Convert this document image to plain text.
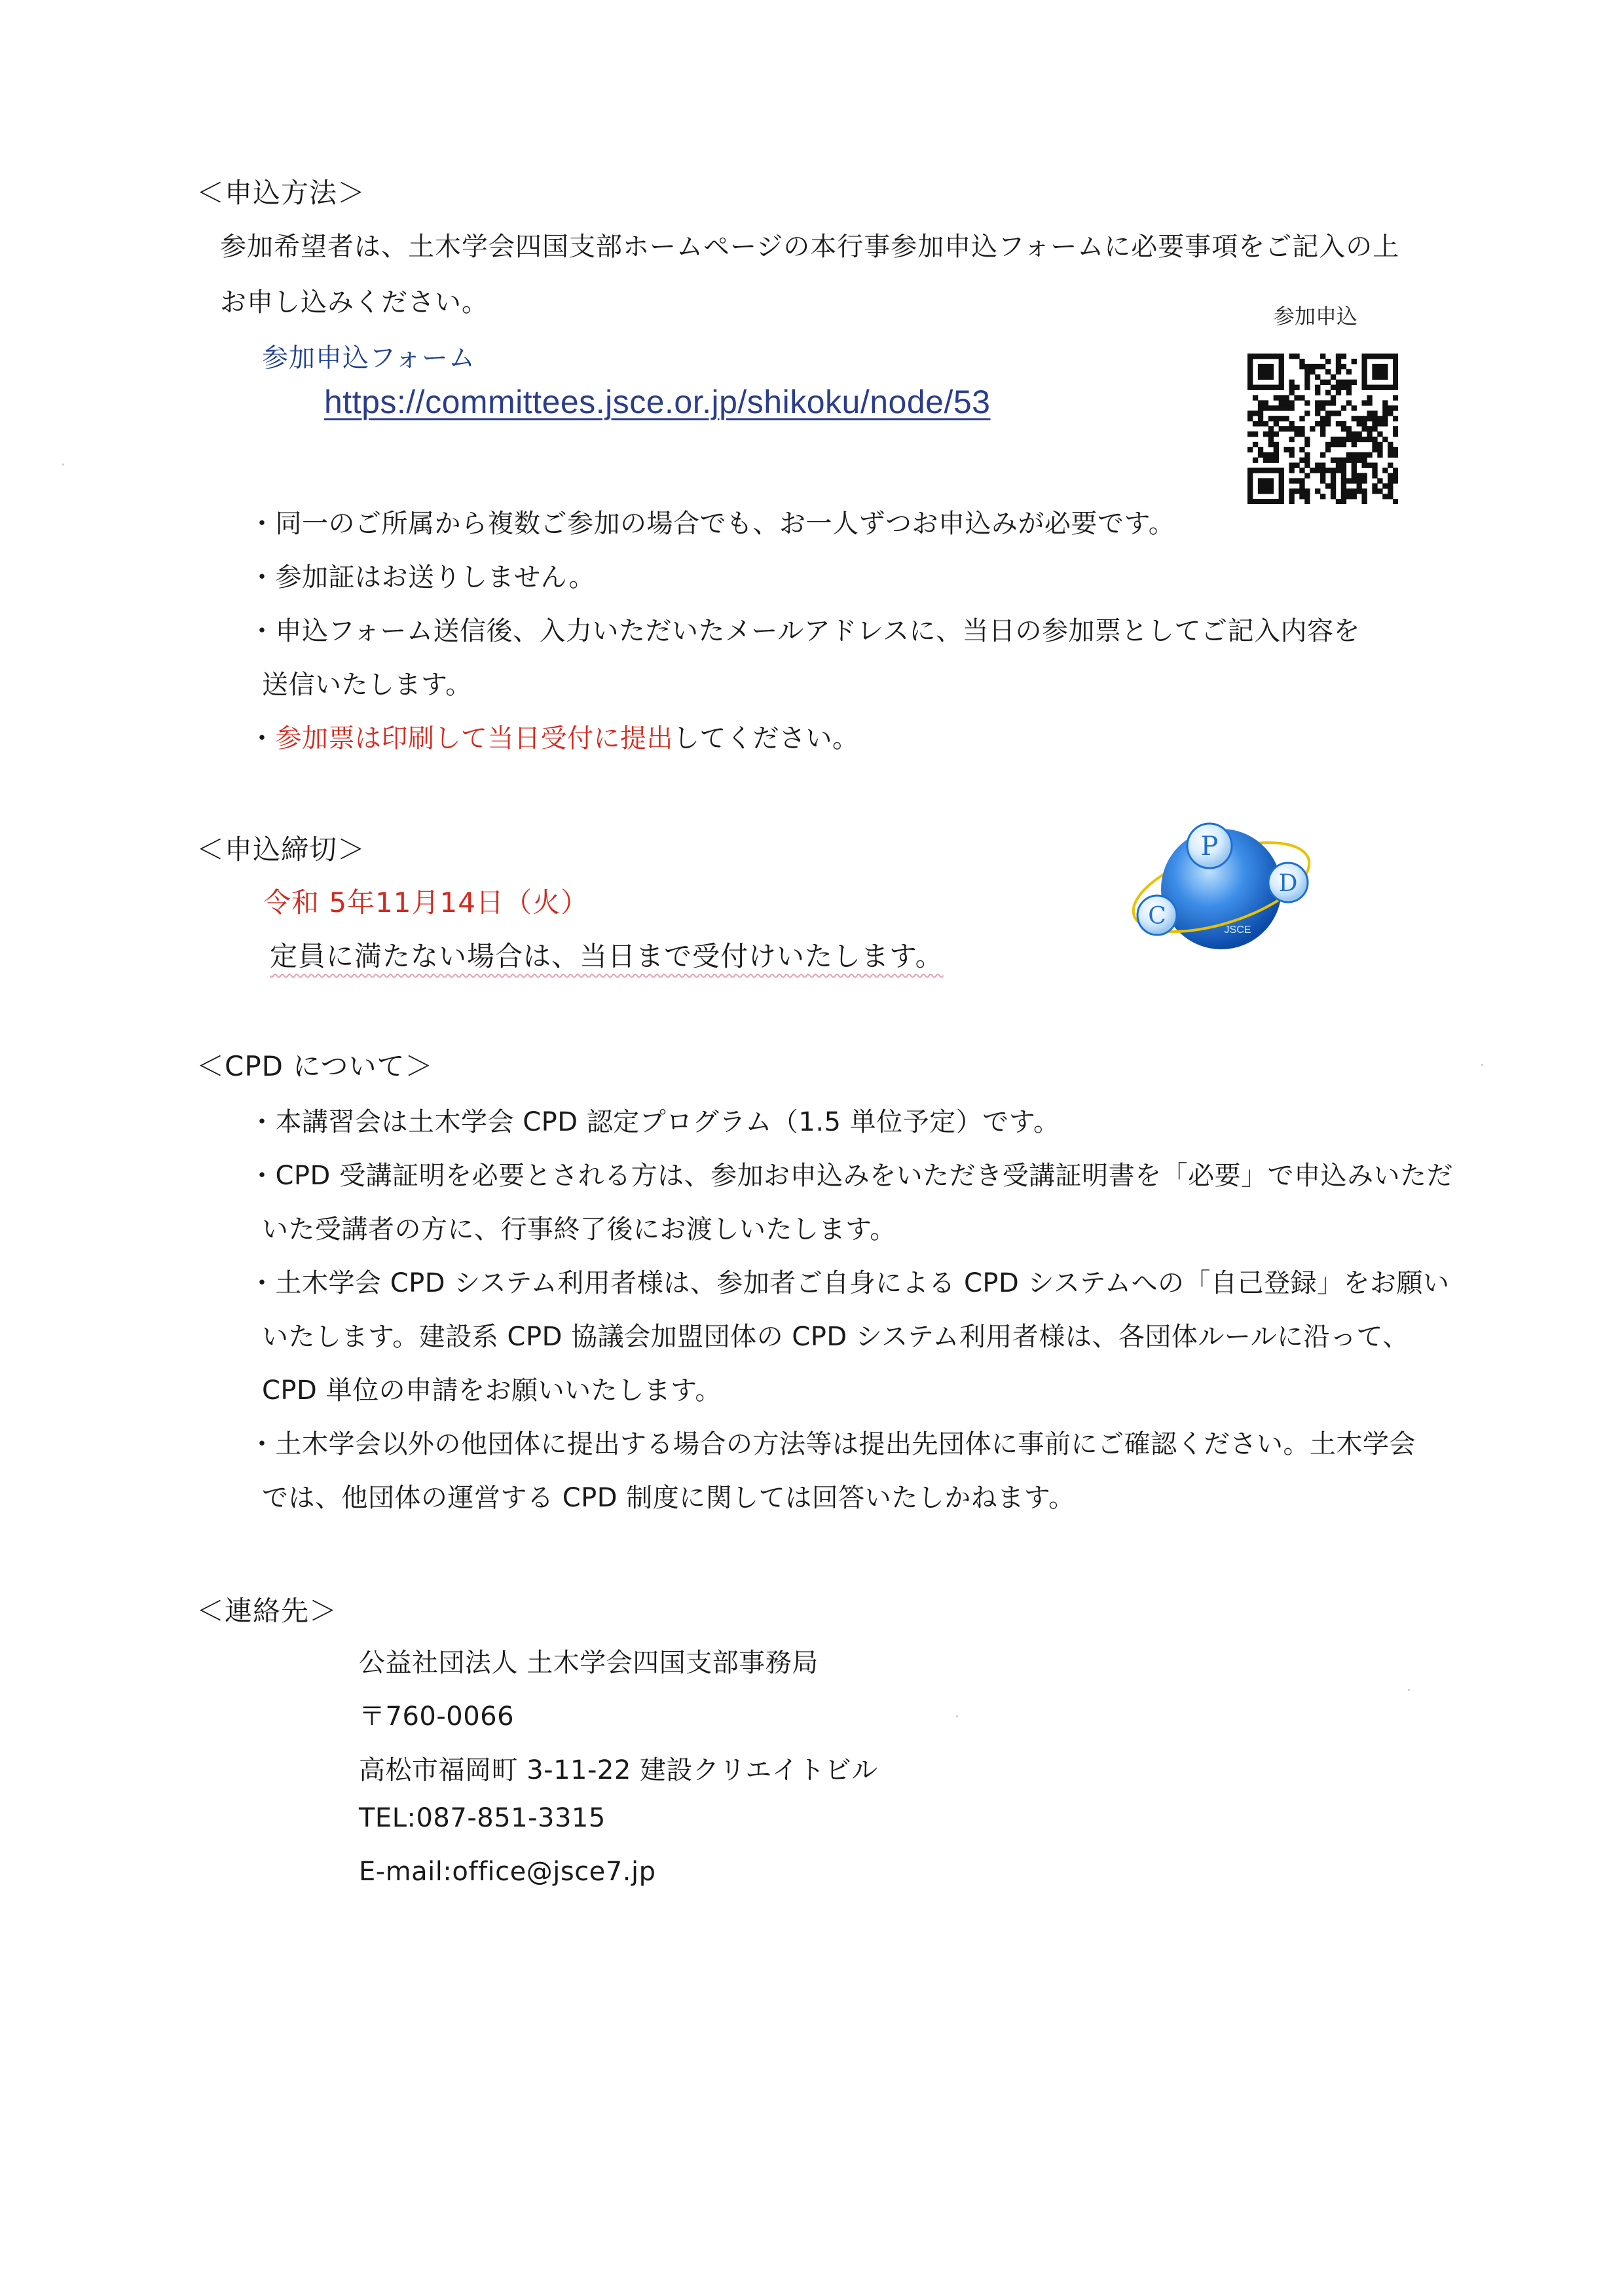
＜申込方法＞
参加希望者は、土木学会四国支部ホームページの本行事参加申込フォームに必要事項をご記入の上
お申し込みください。
参加申込フォーム
https://committees.jsce.or.jp/shikoku/node/53
参加申込
・同一のご所属から複数ご参加の場合でも、お一人ずつお申込みが必要です。
・参加証はお送りしません。
・申込フォーム送信後、入力いただいたメールアドレスに、当日の参加票としてご記入内容を
送信いたします。
・参加票は印刷して当日受付に提出してください。
＜申込締切＞
令和 5年11月14日（火）
定員に満たない場合は、当日まで受付けいたします。
P
C
D
JSCE
＜CPD について＞
・本講習会は土木学会 CPD 認定プログラム（1.5 単位予定）です。
・CPD 受講証明を必要とされる方は、参加お申込みをいただき受講証明書を「必要」で申込みいただ
いた受講者の方に、行事終了後にお渡しいたします。
・土木学会 CPD システム利用者様は、参加者ご自身による CPD システムへの「自己登録」をお願い
いたします。建設系 CPD 協議会加盟団体の CPD システム利用者様は、各団体ルールに沿って、
CPD 単位の申請をお願いいたします。
・土木学会以外の他団体に提出する場合の方法等は提出先団体に事前にご確認ください。土木学会
では、他団体の運営する CPD 制度に関しては回答いたしかねます。
＜連絡先＞
公益社団法人 土木学会四国支部事務局
〒760-0066
高松市福岡町 3-11-22 建設クリエイトビル
TEL:087-851-3315
E-mail:office@jsce7.jp
